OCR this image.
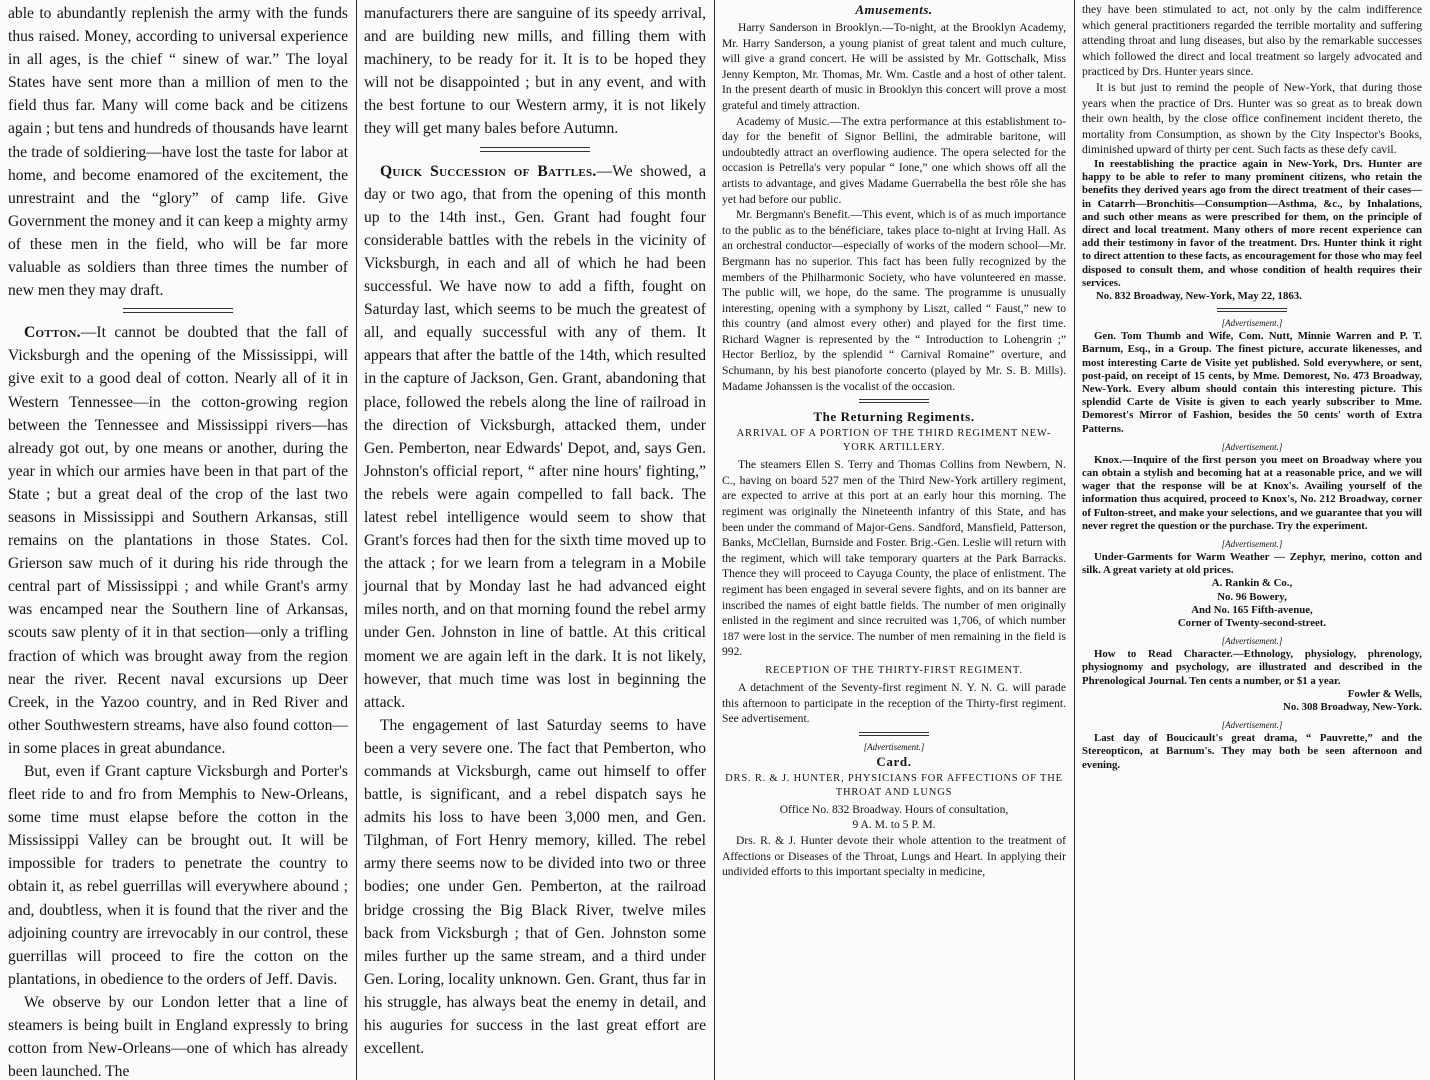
able to abundantly replenish the army with the funds thus raised. Money, according to universal experience in all ages, is the chief “ sinew of war.” The loyal States have sent more than a million of men to the field thus far. Many will come back and be citizens again ; but tens and hundreds of thousands have learnt the trade of soldiering—have lost the taste for labor at home, and become enamored of the excitement, the unrestraint and the “glory” of camp life. Give Government the money and it can keep a mighty army of these men in the field, who will be far more valuable as soldiers than three times the number of new men they may draft.

Cotton.—It cannot be doubted that the fall of Vicksburgh and the opening of the Mississippi, will give exit to a good deal of cotton. Nearly all of it in Western Tennessee—in the cotton-growing region between the Tennessee and Mississippi rivers—has already got out, by one means or another, during the year in which our armies have been in that part of the State ; but a great deal of the crop of the last two seasons in Mississippi and Southern Arkansas, still remains on the plantations in those States. Col. Grierson saw much of it during his ride through the central part of Mississippi ; and while Grant's army was encamped near the Southern line of Arkansas, scouts saw plenty of it in that section—only a trifling fraction of which was brought away from the region near the river. Recent naval excursions up Deer Creek, in the Yazoo country, and in Red River and other Southwestern streams, have also found cotton—in some places in great abundance.

But, even if Grant capture Vicksburgh and Porter's fleet ride to and fro from Memphis to New-Orleans, some time must elapse before the cotton in the Mississippi Valley can be brought out. It will be impossible for traders to penetrate the country to obtain it, as rebel guerrillas will everywhere abound ; and, doubtless, when it is found that the river and the adjoining country are irrevocably in our control, these guerrillas will proceed to fire the cotton on the plantations, in obedience to the orders of Jeff. Davis.

We observe by our London letter that a line of steamers is being built in England expressly to bring cotton from New-Orleans—one of which has already been launched. The

manufacturers there are sanguine of its speedy arrival, and are building new mills, and filling them with machinery, to be ready for it. It is to be hoped they will not be disappointed ; but in any event, and with the best fortune to our Western army, it is not likely they will get many bales before Autumn.

Quick Succession of Battles.—We showed, a day or two ago, that from the opening of this month up to the 14th inst., Gen. Grant had fought four considerable battles with the rebels in the vicinity of Vicksburgh, in each and all of which he had been successful. We have now to add a fifth, fought on Saturday last, which seems to be much the greatest of all, and equally successful with any of them. It appears that after the battle of the 14th, which resulted in the capture of Jackson, Gen. Grant, abandoning that place, followed the rebels along the line of railroad in the direction of Vicksburgh, attacked them, under Gen. Pemberton, near Edwards' Depot, and, says Gen. Johnston's official report, “ after nine hours' fighting,” the rebels were again compelled to fall back. The latest rebel intelligence would seem to show that Grant's forces had then for the sixth time moved up to the attack ; for we learn from a telegram in a Mobile journal that by Monday last he had advanced eight miles north, and on that morning found the rebel army under Gen. Johnston in line of battle. At this critical moment we are again left in the dark. It is not likely, however, that much time was lost in beginning the attack.

The engagement of last Saturday seems to have been a very severe one. The fact that Pemberton, who commands at Vicksburgh, came out himself to offer battle, is significant, and a rebel dispatch says he admits his loss to have been 3,000 men, and Gen. Tilghman, of Fort Henry memory, killed. The rebel army there seems now to be divided into two or three bodies; one under Gen. Pemberton, at the railroad bridge crossing the Big Black River, twelve miles back from Vicksburgh ; that of Gen. Johnston some miles further up the same stream, and a third under Gen. Loring, locality unknown. Gen. Grant, thus far in his struggle, has always beat the enemy in detail, and his auguries for success in the last great effort are excellent.

Amusements.

Harry Sanderson in Brooklyn.—To-night, at the Brooklyn Academy, Mr. Harry Sanderson, a young pianist of great talent and much culture, will give a grand concert. He will be assisted by Mr. Gottschalk, Miss Jenny Kempton, Mr. Thomas, Mr. Wm. Castle and a host of other talent. In the present dearth of music in Brooklyn this concert will prove a most grateful and timely attraction.

Academy of Music.—The extra performance at this establishment to-day for the benefit of Signor Bellini, the admirable baritone, will undoubtedly attract an overflowing audience. The opera selected for the occasion is Petrella's very popular “ Ione,” one which shows off all the artists to advantage, and gives Madame Guerrabella the best rôle she has yet had before our public.

Mr. Bergmann's Benefit.—This event, which is of as much importance to the public as to the bénéficiare, takes place to-night at Irving Hall. As an orchestral conductor—especially of works of the modern school—Mr. Bergmann has no superior. This fact has been fully recognized by the members of the Philharmonic Society, who have volunteered en masse. The public will, we hope, do the same. The programme is unusually interesting, opening with a symphony by Liszt, called “ Faust,” new to this country (and almost every other) and played for the first time. Richard Wagner is represented by the “ Introduction to Lohengrin ;” Hector Berlioz, by the splendid “ Carnival Romaine” overture, and Schumann, by his best pianoforte concerto (played by Mr. S. B. Mills). Madame Johanssen is the vocalist of the occasion.

The Returning Regiments.
ARRIVAL OF A PORTION OF THE THIRD REGIMENT NEW-YORK ARTILLERY.

The steamers Ellen S. Terry and Thomas Collins from Newbern, N. C., having on board 527 men of the Third New-York artillery regiment, are expected to arrive at this port at an early hour this morning. The regiment was originally the Nineteenth infantry of this State, and has been under the command of Major-Gens. Sandford, Mansfield, Patterson, Banks, McClellan, Burnside and Foster. Brig.-Gen. Leslie will return with the regiment, which will take temporary quarters at the Park Barracks. Thence they will proceed to Cayuga County, the place of enlistment. The regiment has been engaged in several severe fights, and on its banner are inscribed the names of eight battle fields. The number of men originally enlisted in the regiment and since recruited was 1,706, of which number 187 were lost in the service. The number of men remaining in the field is 992.

RECEPTION OF THE THIRTY-FIRST REGIMENT.

A detachment of the Seventy-first regiment N. Y. N. G. will parade this afternoon to participate in the reception of the Thirty-first regiment. See advertisement.

[Advertisement.]
Card.
DRS. R. & J. HUNTER, PHYSICIANS FOR AFFECTIONS OF THE THROAT AND LUNGS

Office No. 832 Broadway. Hours of consultation,

9 A. M. to 5 P. M.

Drs. R. & J. Hunter devote their whole attention to the treatment of Affections or Diseases of the Throat, Lungs and Heart. In applying their undivided efforts to this important specialty in medicine,

they have been stimulated to act, not only by the calm indifference which general practitioners regarded the terrible mortality and suffering attending throat and lung diseases, but also by the remarkable successes which followed the direct and local treatment so largely advocated and practiced by Drs. Hunter years since.

It is but just to remind the people of New-York, that during those years when the practice of Drs. Hunter was so great as to break down their own health, by the close office confinement incident thereto, the mortality from Consumption, as shown by the City Inspector's Books, diminished upward of thirty per cent. Such facts as these defy cavil.

In reestablishing the practice again in New-York, Drs. Hunter are happy to be able to refer to many prominent citizens, who retain the benefits they derived years ago from the direct treatment of their cases—in Catarrh—Bronchitis—Consumption—Asthma, &c., by Inhalations, and such other means as were prescribed for them, on the principle of direct and local treatment. Many others of more recent experience can add their testimony in favor of the treatment. Drs. Hunter think it right to direct attention to these facts, as encouragement for those who may feel disposed to consult them, and whose condition of health requires their services.

No. 832 Broadway, New-York, May 22, 1863.

[Advertisement.]

Gen. Tom Thumb and Wife, Com. Nutt, Minnie Warren and P. T. Barnum, Esq., in a Group. The finest picture, accurate likenesses, and most interesting Carte de Visite yet published. Sold everywhere, or sent, post-paid, on receipt of 15 cents, by Mme. Demorest, No. 473 Broadway, New-York. Every album should contain this interesting picture. This splendid Carte de Visite is given to each yearly subscriber to Mme. Demorest's Mirror of Fashion, besides the 50 cents' worth of Extra Patterns.

[Advertisement.]

Knox.—Inquire of the first person you meet on Broadway where you can obtain a stylish and becoming hat at a reasonable price, and we will wager that the response will be at Knox's. Availing yourself of the information thus acquired, proceed to Knox's, No. 212 Broadway, corner of Fulton-street, and make your selections, and we guarantee that you will never regret the question or the purchase. Try the experiment.

[Advertisement.]

Under-Garments for Warm Weather — Zephyr, merino, cotton and silk. A great variety at old prices.

A. Rankin & Co.,

No. 96 Bowery,

And No. 165 Fifth-avenue,

Corner of Twenty-second-street.

[Advertisement.]

How to Read Character.—Ethnology, physiology, phrenology, physiognomy and psychology, are illustrated and described in the Phrenological Journal. Ten cents a number, or $1 a year.

Fowler & Wells,

No. 308 Broadway, New-York.

[Advertisement.]

Last day of Boucicault's great drama, “ Pauvrette,” and the Stereopticon, at Barnum's. They may both be seen afternoon and evening.
